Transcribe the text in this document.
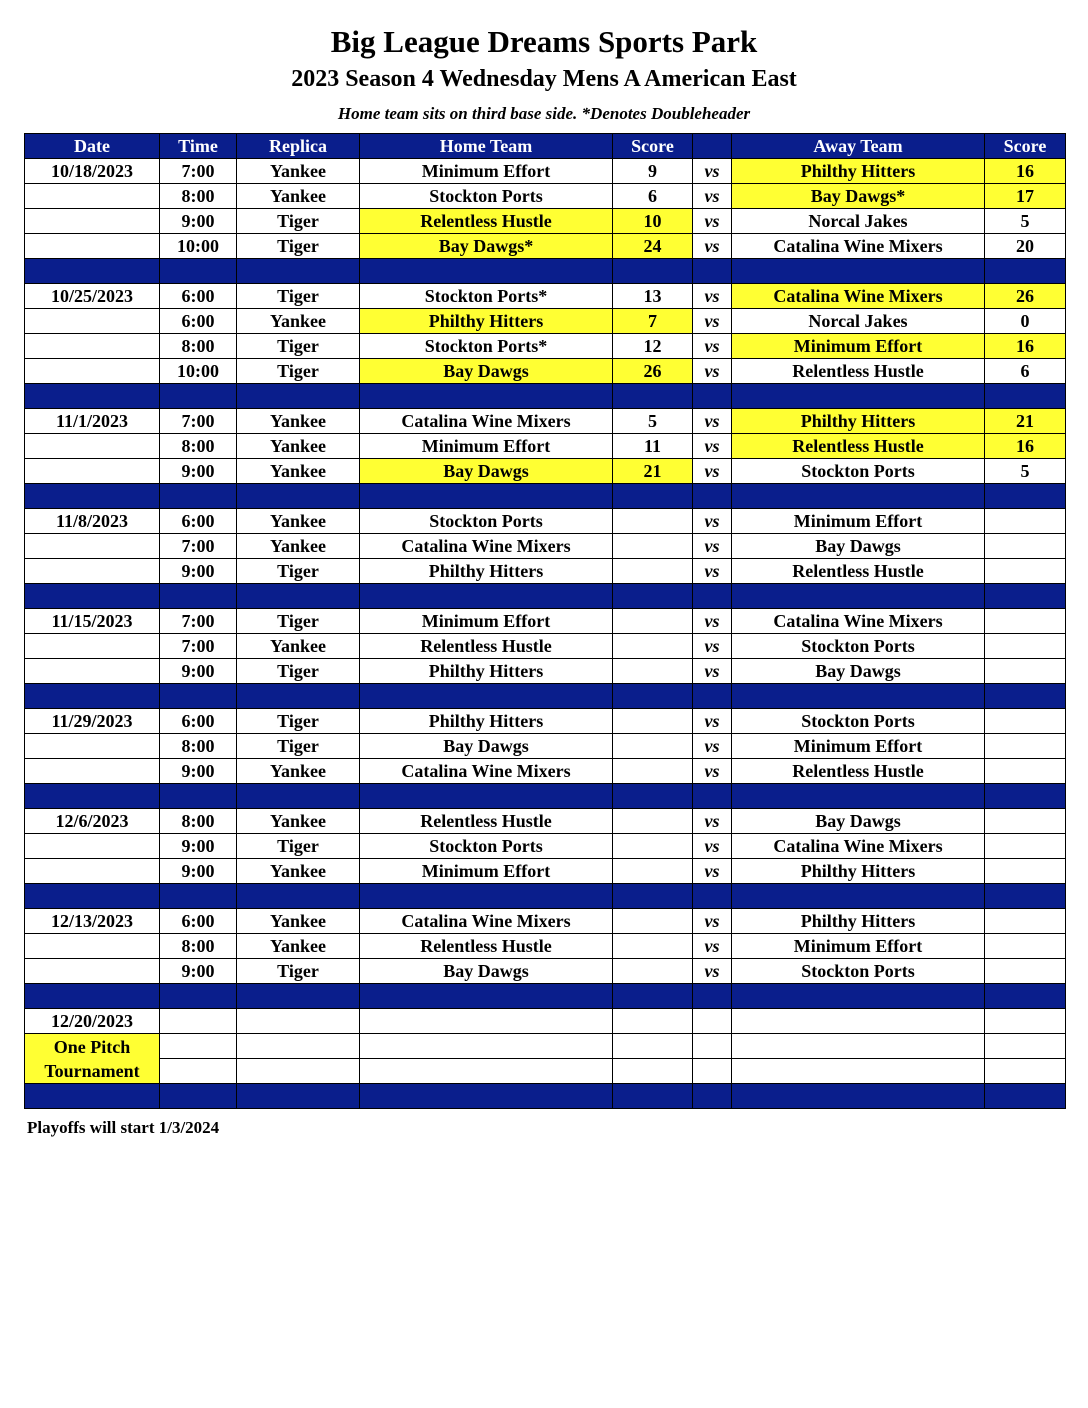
Big League Dreams Sports Park
2023 Season 4 Wednesday Mens A American East
Home team sits on third base side. *Denotes Doubleheader
Date	Time	Replica	Home Team	Score		Away Team	Score
10/18/2023	7:00	Yankee	Minimum Effort	9	vs	Philthy Hitters	16
	8:00	Yankee	Stockton Ports	6	vs	Bay Dawgs*	17
	9:00	Tiger	Relentless Hustle	10	vs	Norcal Jakes	5
	10:00	Tiger	Bay Dawgs*	24	vs	Catalina Wine Mixers	20

10/25/2023	6:00	Tiger	Stockton Ports*	13	vs	Catalina Wine Mixers	26
	6:00	Yankee	Philthy Hitters	7	vs	Norcal Jakes	0
	8:00	Tiger	Stockton Ports*	12	vs	Minimum Effort	16
	10:00	Tiger	Bay Dawgs	26	vs	Relentless Hustle	6

11/1/2023	7:00	Yankee	Catalina Wine Mixers	5	vs	Philthy Hitters	21
	8:00	Yankee	Minimum Effort	11	vs	Relentless Hustle	16
	9:00	Yankee	Bay Dawgs	21	vs	Stockton Ports	5

11/8/2023	6:00	Yankee	Stockton Ports		vs	Minimum Effort	
	7:00	Yankee	Catalina Wine Mixers		vs	Bay Dawgs	
	9:00	Tiger	Philthy Hitters		vs	Relentless Hustle	

11/15/2023	7:00	Tiger	Minimum Effort		vs	Catalina Wine Mixers	
	7:00	Yankee	Relentless Hustle		vs	Stockton Ports	
	9:00	Tiger	Philthy Hitters		vs	Bay Dawgs	

11/29/2023	6:00	Tiger	Philthy Hitters		vs	Stockton Ports	
	8:00	Tiger	Bay Dawgs		vs	Minimum Effort	
	9:00	Yankee	Catalina Wine Mixers		vs	Relentless Hustle	

12/6/2023	8:00	Yankee	Relentless Hustle		vs	Bay Dawgs	
	9:00	Tiger	Stockton Ports		vs	Catalina Wine Mixers	
	9:00	Yankee	Minimum Effort		vs	Philthy Hitters	

12/13/2023	6:00	Yankee	Catalina Wine Mixers		vs	Philthy Hitters	
	8:00	Yankee	Relentless Hustle		vs	Minimum Effort	
	9:00	Tiger	Bay Dawgs		vs	Stockton Ports	

12/20/2023							
One Pitch Tournament							

Playoffs will start 1/3/2024
